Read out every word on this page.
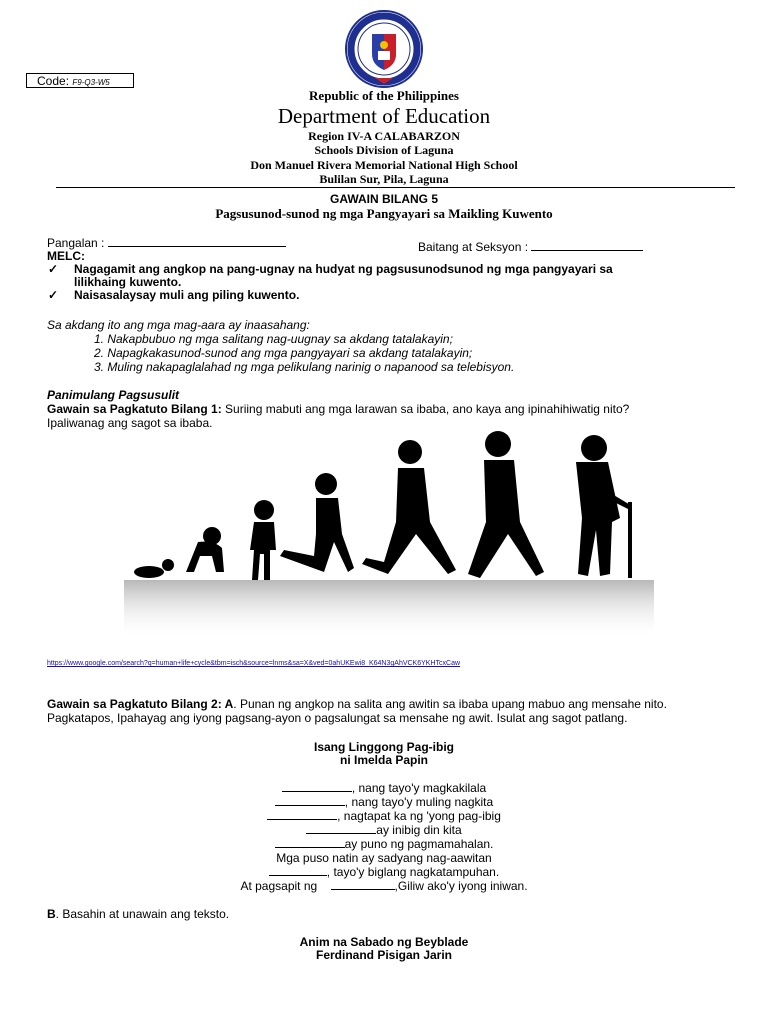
Code: F9-Q3-W5
Republic of the Philippines
Department of Education
Region IV-A CALABARZON
Schools Division of Laguna
Don Manuel Rivera Memorial National High School
Bulilan Sur, Pila, Laguna
GAWAIN BILANG 5
Pagsusunod-sunod ng mga Pangyayari sa Maikling Kuwento
Pangalan :	Baitang at Seksyon :
MELC:
✓ Nagagamit ang angkop na pang-ugnay na hudyat ng pagsusunodsunod ng mga pangyayari sa
lilikhaing kuwento.
✓ Naisasalaysay muli ang piling kuwento.
Sa akdang ito ang mga mag-aara ay inaasahang:
1. Nakapbubuo ng mga salitang nag-uugnay sa akdang tatalakayin;
2. Napagkakasunod-sunod ang mga pangyayari sa akdang tatalakayin;
3. Muling nakapaglalahad ng mga pelikulang narinig o napanood sa telebisyon.
Panimulang Pagsusulit
Gawain sa Pagkatuto Bilang 1: Suriing mabuti ang mga larawan sa ibaba, ano kaya ang ipinahihiwatig nito?
Ipaliwanag ang sagot sa ibaba.
https://www.google.com/search?q=human+life+cycle&tbm=isch&source=lnms&sa=X&ved=0ahUKEwi8_K64N3gAhVCK6YKHTcxCaw
Gawain sa Pagkatuto Bilang 2: A. Punan ng angkop na salita ang awitin sa ibaba upang mabuo ang mensahe nito.
Pagkatapos, Ipahayag ang iyong pagsang-ayon o pagsalungat sa mensahe ng awit. Isulat ang sagot patlang.
Isang Linggong Pag-ibig
ni Imelda Papin
, nang tayo'y magkakilala
, nang tayo'y muling nagkita
, nagtapat ka ng 'yong pag-ibig
ay inibig din kita
ay puno ng pagmamahalan.
Mga puso natin ay sadyang nag-aawitan
, tayo'y biglang nagkatampuhan.
At pagsapit ng	,Giliw ako'y iyong iniwan.
B. Basahin at unawain ang teksto.
Anim na Sabado ng Beyblade
Ferdinand Pisigan Jarin
